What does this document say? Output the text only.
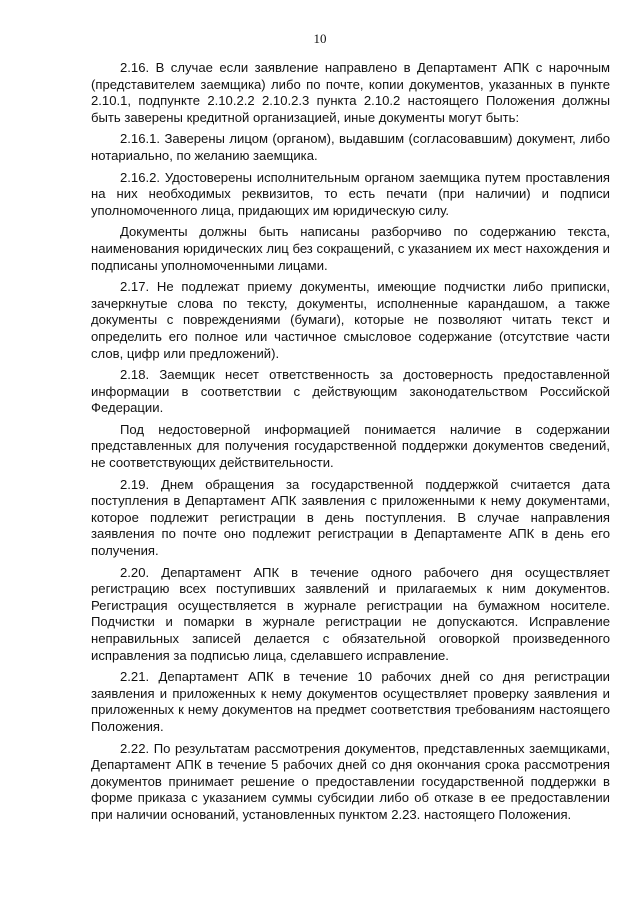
10

2.16. В случае если заявление направлено в Департамент АПК с нарочным (представителем заемщика) либо по почте, копии документов, указанных в пункте 2.10.1, подпункте 2.10.2.2 2.10.2.3 пункта 2.10.2 настоящего Положения должны быть заверены кредитной организацией, иные документы могут быть:

2.16.1. Заверены лицом (органом), выдавшим (согласовавшим) документ, либо нотариально, по желанию заемщика.

2.16.2. Удостоверены исполнительным органом заемщика путем проставления на них необходимых реквизитов, то есть печати (при наличии) и подписи уполномоченного лица, придающих им юридическую силу.

Документы должны быть написаны разборчиво по содержанию текста, наименования юридических лиц без сокращений, с указанием их мест нахождения и подписаны уполномоченными лицами.

2.17. Не подлежат приему документы, имеющие подчистки либо приписки, зачеркнутые слова по тексту, документы, исполненные карандашом, а также документы с повреждениями (бумаги), которые не позволяют читать текст и определить его полное или частичное смысловое содержание (отсутствие части слов, цифр или предложений).

2.18. Заемщик несет ответственность за достоверность предоставленной информации в соответствии с действующим законодательством Российской Федерации.

Под недостоверной информацией понимается наличие в содержании представленных для получения государственной поддержки документов сведений, не соответствующих действительности.

2.19. Днем обращения за государственной поддержкой считается дата поступления в Департамент АПК заявления с приложенными к нему документами, которое подлежит регистрации в день поступления. В случае направления заявления по почте оно подлежит регистрации в Департаменте АПК в день его получения.

2.20. Департамент АПК в течение одного рабочего дня осуществляет регистрацию всех поступивших заявлений и прилагаемых к ним документов. Регистрация осуществляется в журнале регистрации на бумажном носителе. Подчистки и помарки в журнале регистрации не допускаются. Исправление неправильных записей делается с обязательной оговоркой произведенного исправления за подписью лица, сделавшего исправление.

2.21. Департамент АПК в течение 10 рабочих дней со дня регистрации заявления и приложенных к нему документов осуществляет проверку заявления и приложенных к нему документов на предмет соответствия требованиям настоящего Положения.

2.22. По результатам рассмотрения документов, представленных заемщиками, Департамент АПК в течение 5 рабочих дней со дня окончания срока рассмотрения документов принимает решение о предоставлении государственной поддержки в форме приказа с указанием суммы субсидии либо об отказе в ее предоставлении при наличии оснований, установленных пунктом 2.23. настоящего Положения.
